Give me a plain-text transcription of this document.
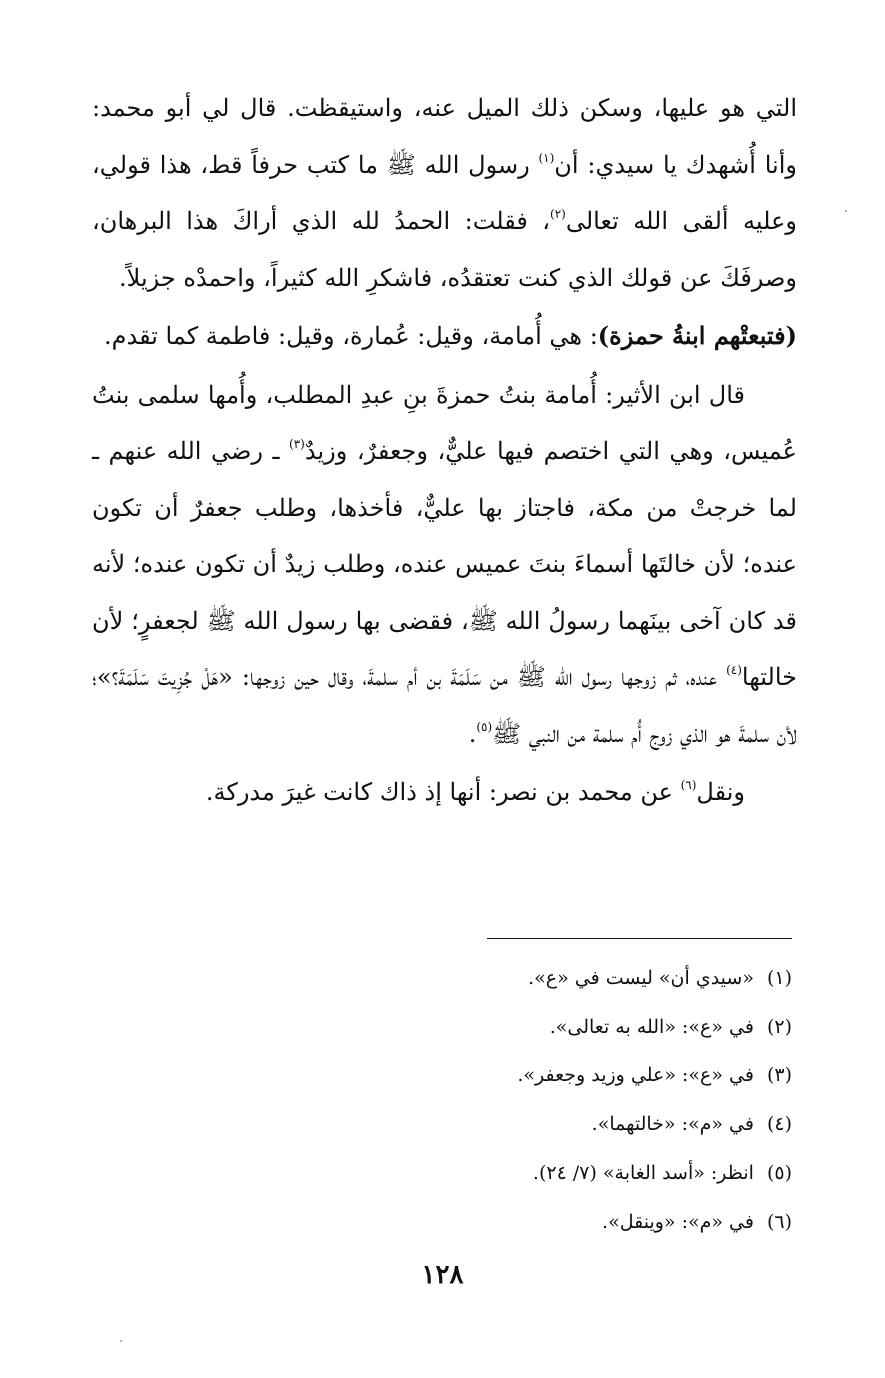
التي هو عليها، وسكن ذلك الميل عنه، واستيقظت. قال لي أبو محمد: وأنا أُشهدك يا سيدي: أن$^{(١)}$ رسول الله ﷺ ما كتب حرفاً قط، هذا قولي، وعليه ألقى الله تعالى$^{(٢)}$، فقلت: الحمدُ لله الذي أراكَ هذا البرهان، وصرفَكَ عن قولك الذي كنت تعتقدُه، فاشكرِ الله كثيراً، واحمدْه جزيلاً.

(فتبعتْهم ابنةُ حمزة): هي أُمامة، وقيل: عُمارة، وقيل: فاطمة كما تقدم.

قال ابن الأثير: أُمامة بنتُ حمزةَ بنِ عبدِ المطلب، وأُمها سلمى بنتُ عُميس، وهي التي اختصم فيها عليٌّ، وجعفرٌ، وزيدٌ$^{(٣)}$ ـ رضي الله عنهم ـ لما خرجتْ من مكة، فاجتاز بها عليٌّ، فأخذها، وطلب جعفرٌ أن تكون عنده؛ لأن خالتَها أسماءَ بنتَ عميس عنده، وطلب زيدٌ أن تكون عنده؛ لأنه قد كان آخى بينَهما رسولُ الله ﷺ، فقضى بها رسول الله ﷺ لجعفرٍ؛ لأن خالتها$^{(٤)}$ عنده، ثم زوجها رسول الله ﷺ من سَلَمَةَ بن أم سلمةَ، وقال حين زوجها: «هَلْ جُزِيتَ سَلَمَةَ؟»؛ لأن سلمةَ هو الذي زوج أُم سلمة من النبي ﷺ$^{(٥)}$.

ونقل$^{(٦)}$ عن محمد بن نصر: أنها إذ ذاك كانت غيرَ مدركة.

(١) «سيدي أن» ليست في «ع».
(٢) في «ع»: «الله به تعالى».
(٣) في «ع»: «علي وزيد وجعفر».
(٤) في «م»: «خالتهما».
(٥) انظر: «أسد الغابة» (٧/ ٢٤).
(٦) في «م»: «وينقل».
١٢٨
